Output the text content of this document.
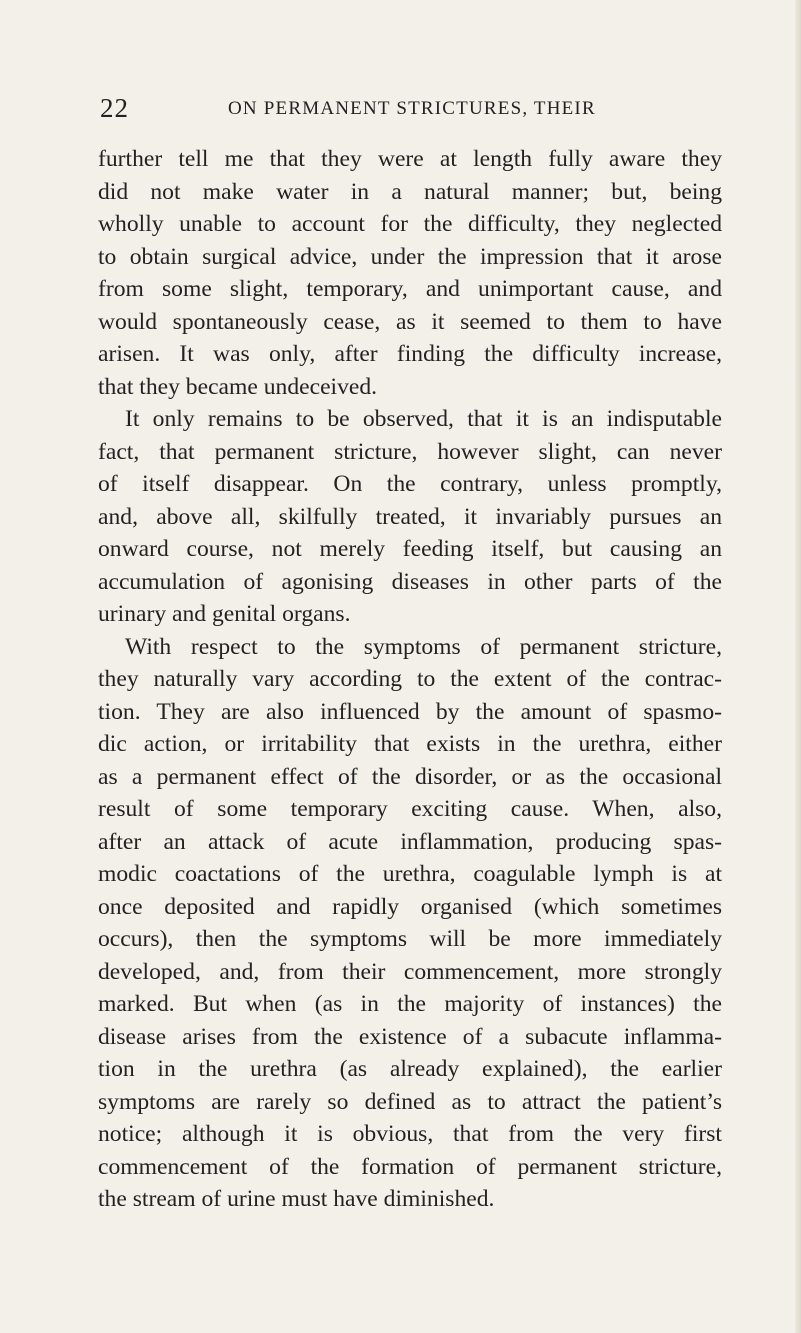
22	ON PERMANENT STRICTURES, THEIR
further tell me that they were at length fully aware they
did not make water in a natural manner; but, being
wholly unable to account for the difficulty, they neglected
to obtain surgical advice, under the impression that it arose
from some slight, temporary, and unimportant cause, and
would spontaneously cease, as it seemed to them to have
arisen. It was only, after finding the difficulty increase,
that they became undeceived.
It only remains to be observed, that it is an indisputable
fact, that permanent stricture, however slight, can never
of itself disappear. On the contrary, unless promptly,
and, above all, skilfully treated, it invariably pursues an
onward course, not merely feeding itself, but causing an
accumulation of agonising diseases in other parts of the
urinary and genital organs.
With respect to the symptoms of permanent stricture,
they naturally vary according to the extent of the contrac-
tion. They are also influenced by the amount of spasmo-
dic action, or irritability that exists in the urethra, either
as a permanent effect of the disorder, or as the occasional
result of some temporary exciting cause. When, also,
after an attack of acute inflammation, producing spas-
modic coactations of the urethra, coagulable lymph is at
once deposited and rapidly organised (which sometimes
occurs), then the symptoms will be more immediately
developed, and, from their commencement, more strongly
marked. But when (as in the majority of instances) the
disease arises from the existence of a subacute inflamma-
tion in the urethra (as already explained), the earlier
symptoms are rarely so defined as to attract the patient’s
notice; although it is obvious, that from the very first
commencement of the formation of permanent stricture,
the stream of urine must have diminished.
